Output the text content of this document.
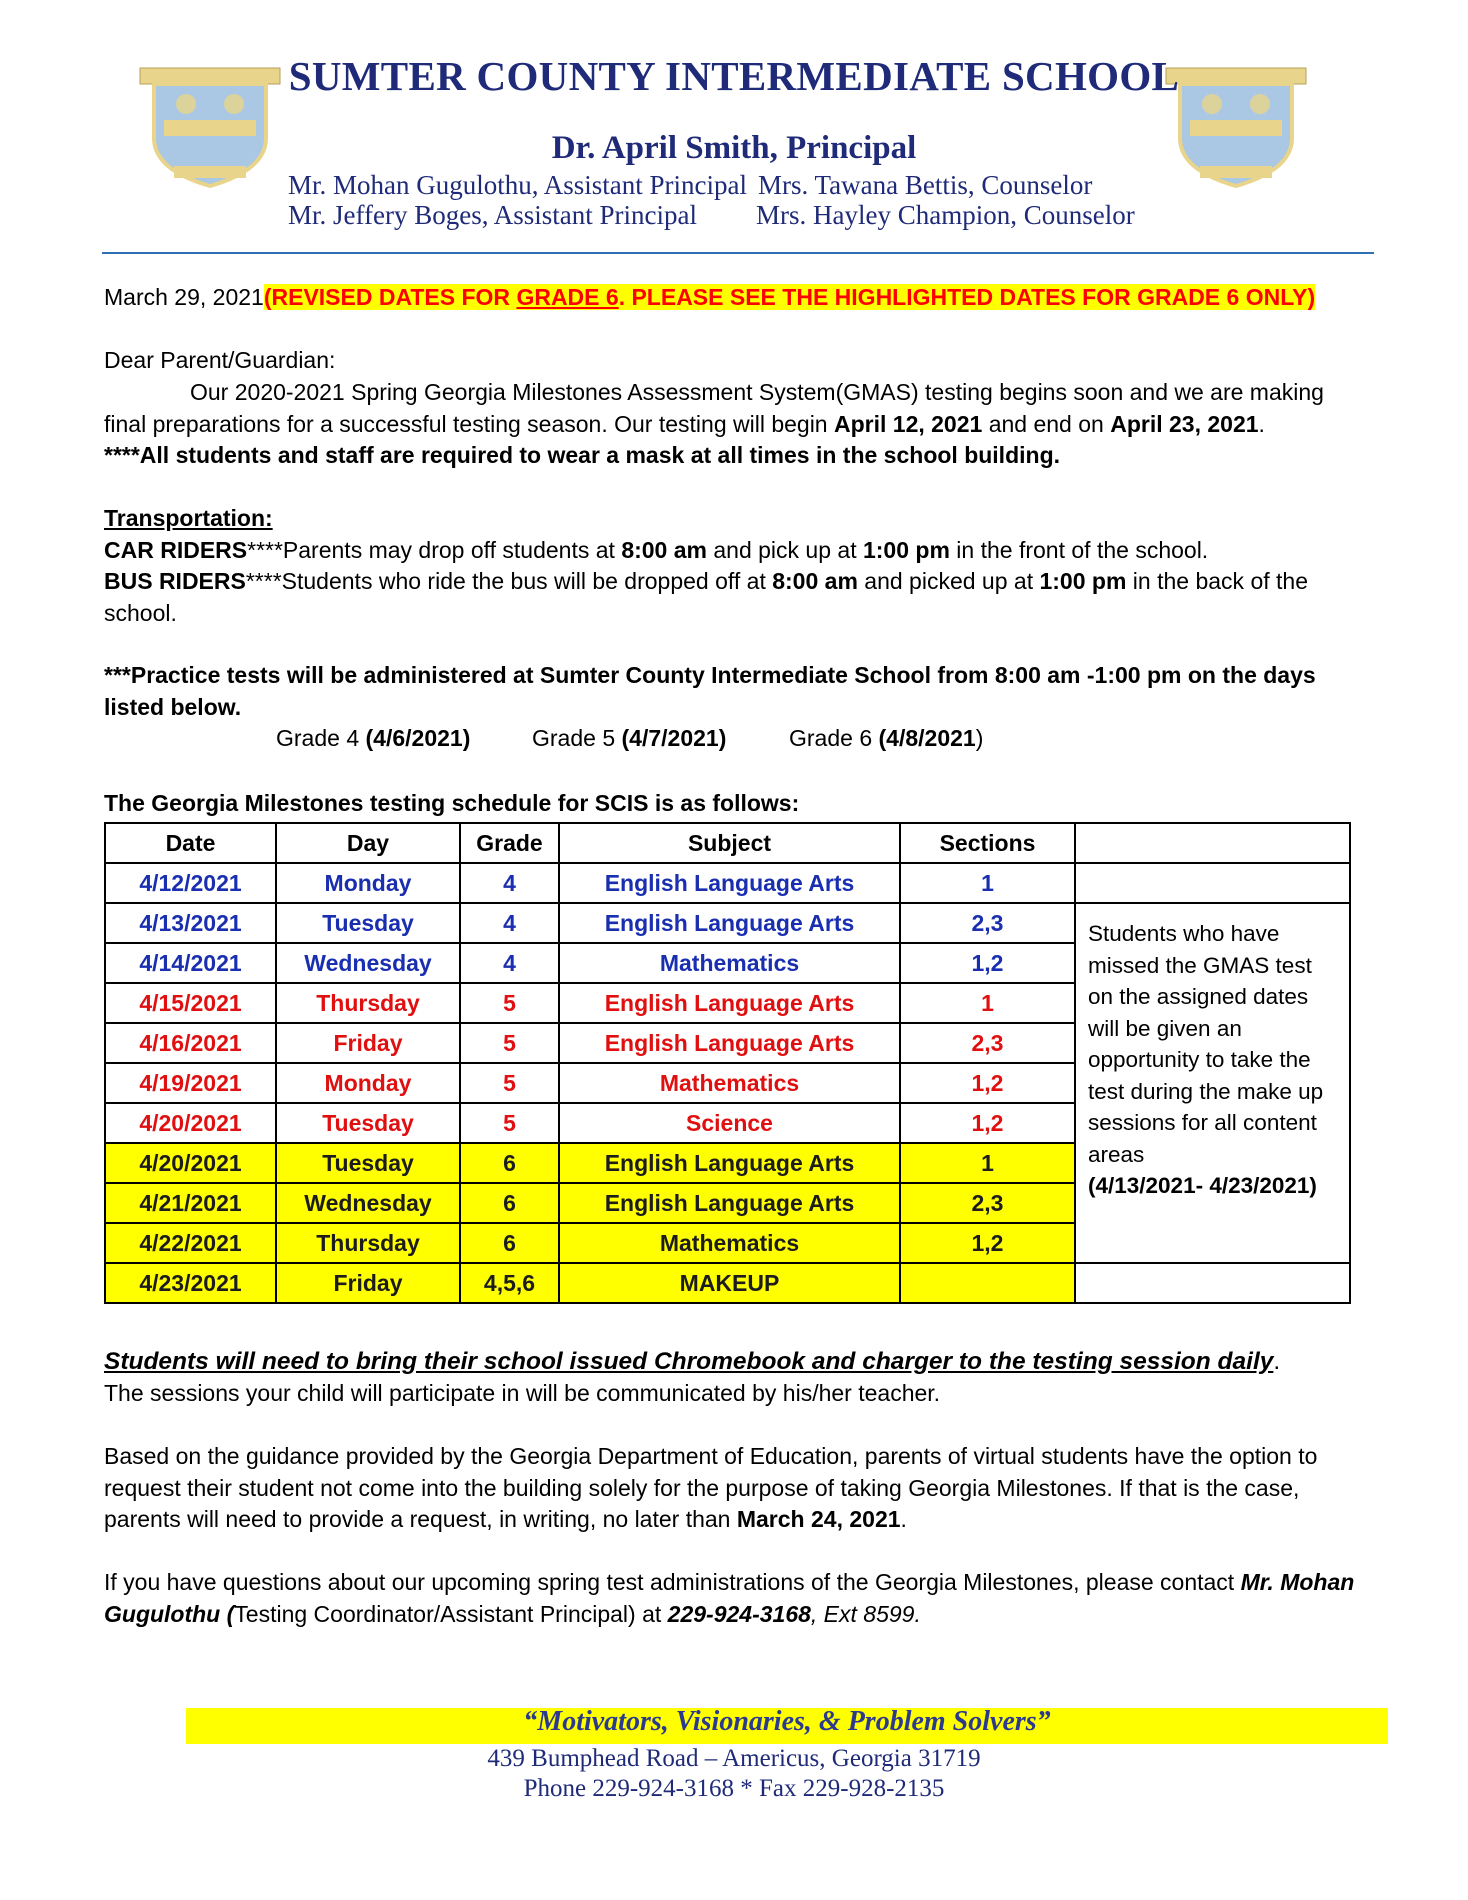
SUMTER COUNTY INTERMEDIATE SCHOOL
Dr. April Smith, Principal
Mr. Mohan Gugulothu, Assistant Principal Mrs. Tawana Bettis, Counselor
Mr. Jeffery Boges, Assistant Principal Mrs. Hayley Champion, Counselor
March 29, 2021(REVISED DATES FOR GRADE 6. PLEASE SEE THE HIGHLIGHTED DATES FOR GRADE 6 ONLY)
Dear Parent/Guardian:
Our 2020-2021 Spring Georgia Milestones Assessment System(GMAS) testing begins soon and we are making final preparations for a successful testing season. Our testing will begin April 12, 2021 and end on April 23, 2021.
****All students and staff are required to wear a mask at all times in the school building.
Transportation:
CAR RIDERS****Parents may drop off students at 8:00 am and pick up at 1:00 pm in the front of the school.
BUS RIDERS****Students who ride the bus will be dropped off at 8:00 am and picked up at 1:00 pm in the back of the school.
***Practice tests will be administered at Sumter County Intermediate School from 8:00 am -1:00 pm on the days listed below.
Grade 4 (4/6/2021)	Grade 5 (4/7/2021)	Grade 6 (4/8/2021)
The Georgia Milestones testing schedule for SCIS is as follows:
Date	Day	Grade	Subject	Sections	
4/12/2021	Monday	4	English Language Arts	1	
4/13/2021	Tuesday	4	English Language Arts	2,3	Students who have missed the GMAS test on the assigned dates will be given an opportunity to take the test during the make up sessions for all content areas
(4/13/2021- 4/23/2021)
4/14/2021	Wednesday	4	Mathematics	1,2	
4/15/2021	Thursday	5	English Language Arts	1	
4/16/2021	Friday	5	English Language Arts	2,3	
4/19/2021	Monday	5	Mathematics	1,2	
4/20/2021	Tuesday	5	Science	1,2	
4/20/2021	Tuesday	6	English Language Arts	1	
4/21/2021	Wednesday	6	English Language Arts	2,3	
4/22/2021	Thursday	6	Mathematics	1,2	
4/23/2021	Friday	4,5,6	MAKEUP		
Students will need to bring their school issued Chromebook and charger to the testing session daily.
The sessions your child will participate in will be communicated by his/her teacher.
Based on the guidance provided by the Georgia Department of Education, parents of virtual students have the option to request their student not come into the building solely for the purpose of taking Georgia Milestones. If that is the case, parents will need to provide a request, in writing, no later than March 24, 2021.
If you have questions about our upcoming spring test administrations of the Georgia Milestones, please contact Mr. Mohan Gugulothu (Testing Coordinator/Assistant Principal) at 229-924-3168, Ext 8599.
“Motivators, Visionaries, & Problem Solvers”
439 Bumphead Road – Americus, Georgia 31719
Phone 229-924-3168 * Fax 229-928-2135
